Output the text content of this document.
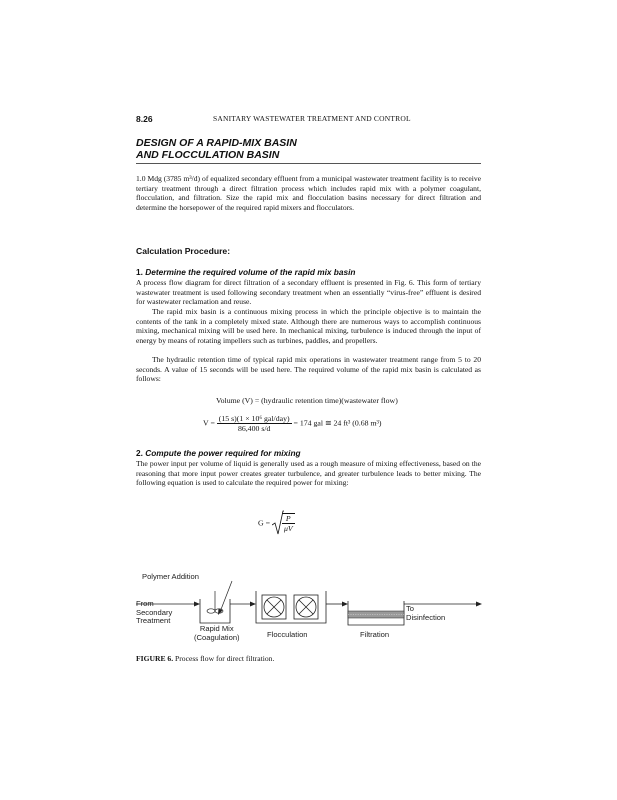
8.26	SANITARY WASTEWATER TREATMENT AND CONTROL
DESIGN OF A RAPID-MIX BASIN
AND FLOCCULATION BASIN
1.0 Mdg (3785 m³/d) of equalized secondary effluent from a municipal wastewater treatment facility is to receive tertiary treatment through a direct filtration process which includes rapid mix with a polymer coagulant, flocculation, and filtration. Size the rapid mix and flocculation basins necessary for direct filtration and determine the horsepower of the required rapid mixers and flocculators.
Calculation Procedure:
1. Determine the required volume of the rapid mix basin
A process flow diagram for direct filtration of a secondary effluent is presented in Fig. 6. This form of tertiary wastewater treatment is used following secondary treatment when an essentially “virus-free” effluent is desired for wastewater reclamation and reuse.
The rapid mix basin is a continuous mixing process in which the principle objective is to maintain the contents of the tank in a completely mixed state. Although there are numerous ways to accomplish continuous mixing, mechanical mixing will be used here. In mechanical mixing, turbulence is induced through the input of energy by means of rotating impellers such as turbines, paddles, and propellers.
The hydraulic retention time of typical rapid mix operations in wastewater treatment range from 5 to 20 seconds. A value of 15 seconds will be used here. The required volume of the rapid mix basin is calculated as follows:
Volume (V) = (hydraulic retention time)(wastewater flow)
$V = \frac{\text{(15 s)(1 × 10⁶ gal/day)}}{86,400 s/d} = 174$ gal ≅ 24 ft³ (0.68 m³)
2. Compute the power required for mixing
The power input per volume of liquid is generally used as a rough measure of mixing effectiveness, based on the reasoning that more input power creates greater turbulence, and greater turbulence leads to better mixing. The following equation is used to calculate the required power for mixing:
$G = \frac{P}{\mu V}$
Polymer Addition
From
Secondary
Treatment
Rapid Mix
(Coagulation)	Flocculation	Filtration
To
Disinfection
FIGURE 6. Process flow for direct filtration.
